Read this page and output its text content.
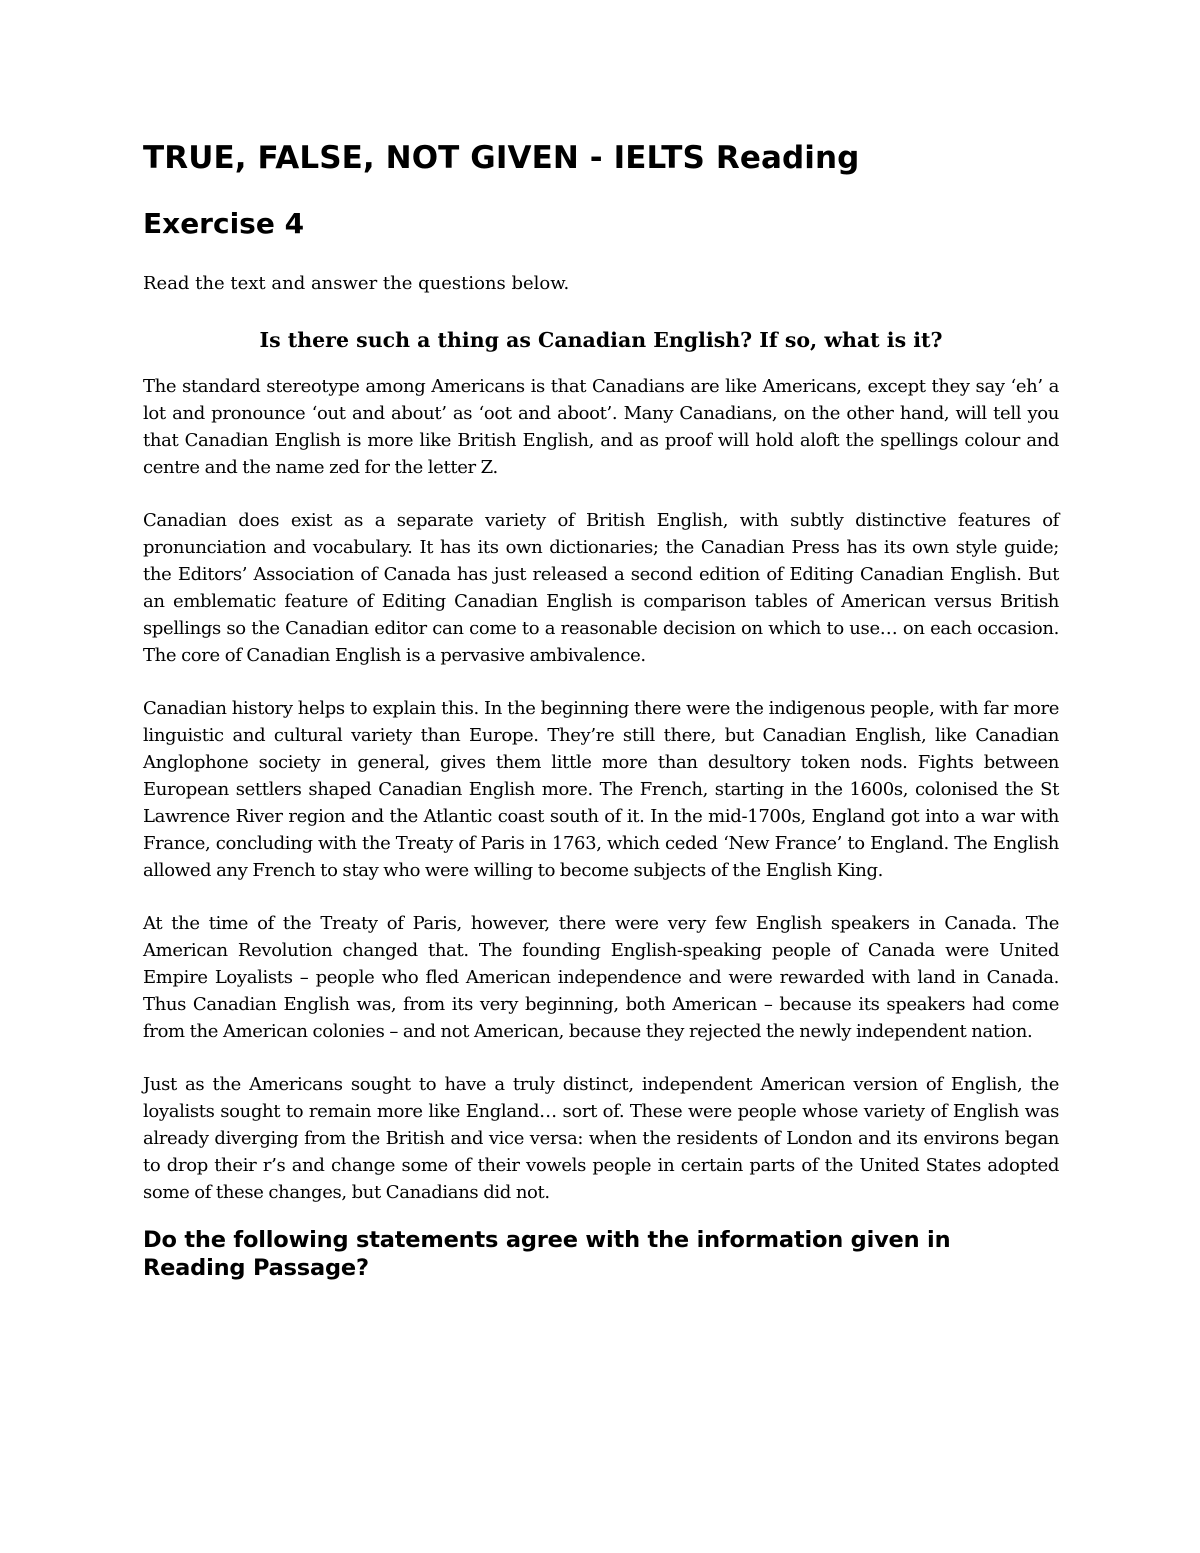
TRUE, FALSE, NOT GIVEN - IELTS Reading
Exercise 4

Read the text and answer the questions below.

Is there such a thing as Canadian English? If so, what is it?

The standard stereotype among Americans is that Canadians are like Americans, except they say ‘eh’ a lot and pronounce ‘out and about’ as ‘oot and aboot’. Many Canadians, on the other hand, will tell you that Canadian English is more like British English, and as proof will hold aloft the spellings colour and centre and the name zed for the letter Z.

Canadian does exist as a separate variety of British English, with subtly distinctive features of pronunciation and vocabulary. It has its own dictionaries; the Canadian Press has its own style guide; the Editors’ Association of Canada has just released a second edition of Editing Canadian English. But an emblematic feature of Editing Canadian English is comparison tables of American versus British spellings so the Canadian editor can come to a reasonable decision on which to use… on each occasion. The core of Canadian English is a pervasive ambivalence.

Canadian history helps to explain this. In the beginning there were the indigenous people, with far more linguistic and cultural variety than Europe. They’re still there, but Canadian English, like Canadian Anglophone society in general, gives them little more than desultory token nods. Fights between European settlers shaped Canadian English more. The French, starting in the 1600s, colonised the St Lawrence River region and the Atlantic coast south of it. In the mid-1700s, England got into a war with France, concluding with the Treaty of Paris in 1763, which ceded ‘New France’ to England. The English allowed any French to stay who were willing to become subjects of the English King.

At the time of the Treaty of Paris, however, there were very few English speakers in Canada. The American Revolution changed that. The founding English-speaking people of Canada were United Empire Loyalists – people who fled American independence and were rewarded with land in Canada. Thus Canadian English was, from its very beginning, both American – because its speakers had come from the American colonies – and not American, because they rejected the newly independent nation.

Just as the Americans sought to have a truly distinct, independent American version of English, the loyalists sought to remain more like England… sort of. These were people whose variety of English was already diverging from the British and vice versa: when the residents of London and its environs began to drop their r’s and change some of their vowels people in certain parts of the United States adopted some of these changes, but Canadians did not.

Do the following statements agree with the information given in Reading Passage?
